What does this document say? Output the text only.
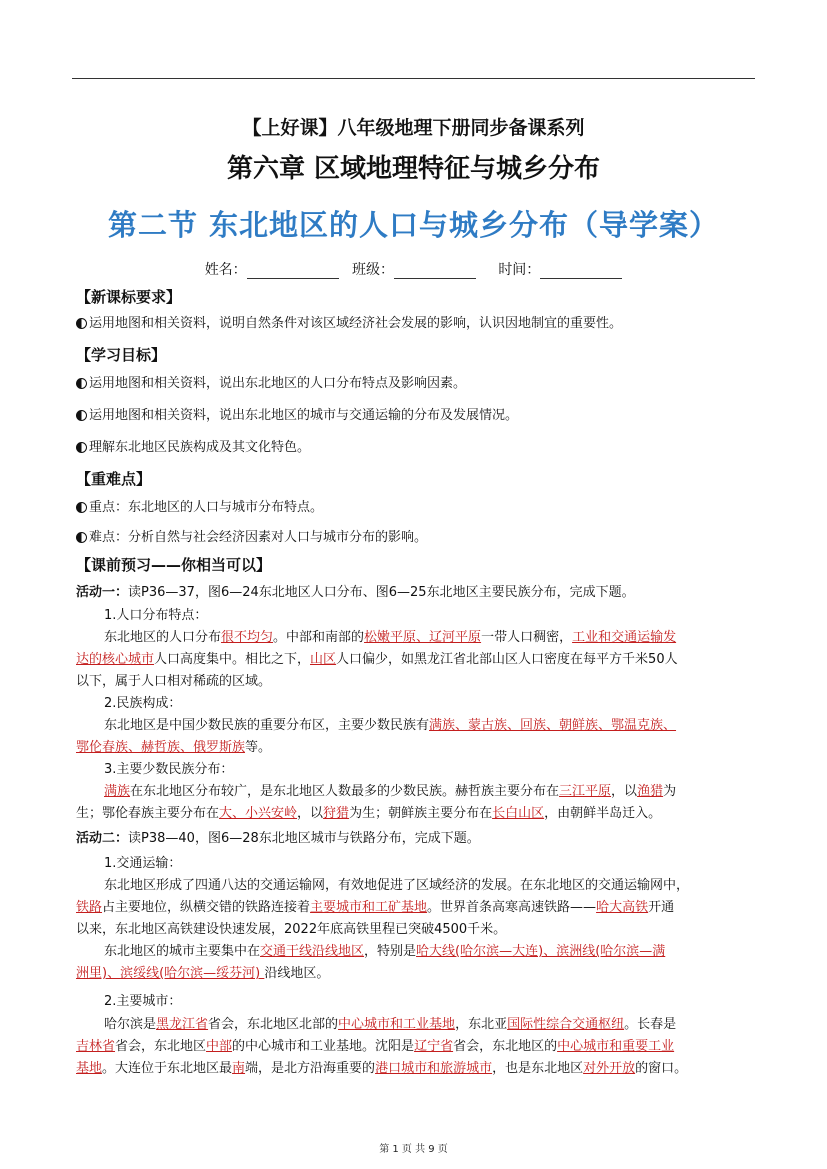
【上好课】八年级地理下册同步备课系列
第六章 区域地理特征与城乡分布
第二节 东北地区的人口与城乡分布（导学案）
姓名：	班级：	时间：
【新课标要求】
运用地图和相关资料，说明自然条件对该区域经济社会发展的影响，认识因地制宜的重要性。
【学习目标】
运用地图和相关资料，说出东北地区的人口分布特点及影响因素。
运用地图和相关资料，说出东北地区的城市与交通运输的分布及发展情况。
理解东北地区民族构成及其文化特色。
【重难点】
重点：东北地区的人口与城市分布特点。
难点：分析自然与社会经济因素对人口与城市分布的影响。
【课前预习——你相当可以】
活动一：读P36—37，图6—24东北地区人口分布、图6—25东北地区主要民族分布，完成下题。
1.人口分布特点：
东北地区的人口分布很不均匀。中部和南部的松嫩平原、辽河平原一带人口稠密，工业和交通运输发
达的核心城市人口高度集中。相比之下，山区人口偏少，如黑龙江省北部山区人口密度在每平方千米50人
以下，属于人口相对稀疏的区域。
2.民族构成：
东北地区是中国少数民族的重要分布区，主要少数民族有满族、蒙古族、回族、朝鲜族、鄂温克族、
鄂伦春族、赫哲族、俄罗斯族等。
3.主要少数民族分布：
满族在东北地区分布较广，是东北地区人数最多的少数民族。赫哲族主要分布在三江平原，以渔猎为
生；鄂伦春族主要分布在大、小兴安岭，以狩猎为生；朝鲜族主要分布在长白山区，由朝鲜半岛迁入。
活动二：读P38—40，图6—28东北地区城市与铁路分布，完成下题。
1.交通运输：
东北地区形成了四通八达的交通运输网，有效地促进了区域经济的发展。在东北地区的交通运输网中，
铁路占主要地位，纵横交错的铁路连接着主要城市和工矿基地。世界首条高寒高速铁路——哈大高铁开通
以来，东北地区高铁建设快速发展，2022年底高铁里程已突破4500千米。
东北地区的城市主要集中在交通干线沿线地区，特别是哈大线(哈尔滨—大连)、滨洲线(哈尔滨—满
洲里)、滨绥线(哈尔滨—绥芬河) 沿线地区。
2.主要城市：
哈尔滨是黑龙江省省会，东北地区北部的中心城市和工业基地，东北亚国际性综合交通枢纽。长春是
吉林省省会，东北地区中部的中心城市和工业基地。沈阳是辽宁省省会，东北地区的中心城市和重要工业
基地。大连位于东北地区最南端，是北方沿海重要的港口城市和旅游城市，也是东北地区对外开放的窗口。
第 1 页 共 9 页
